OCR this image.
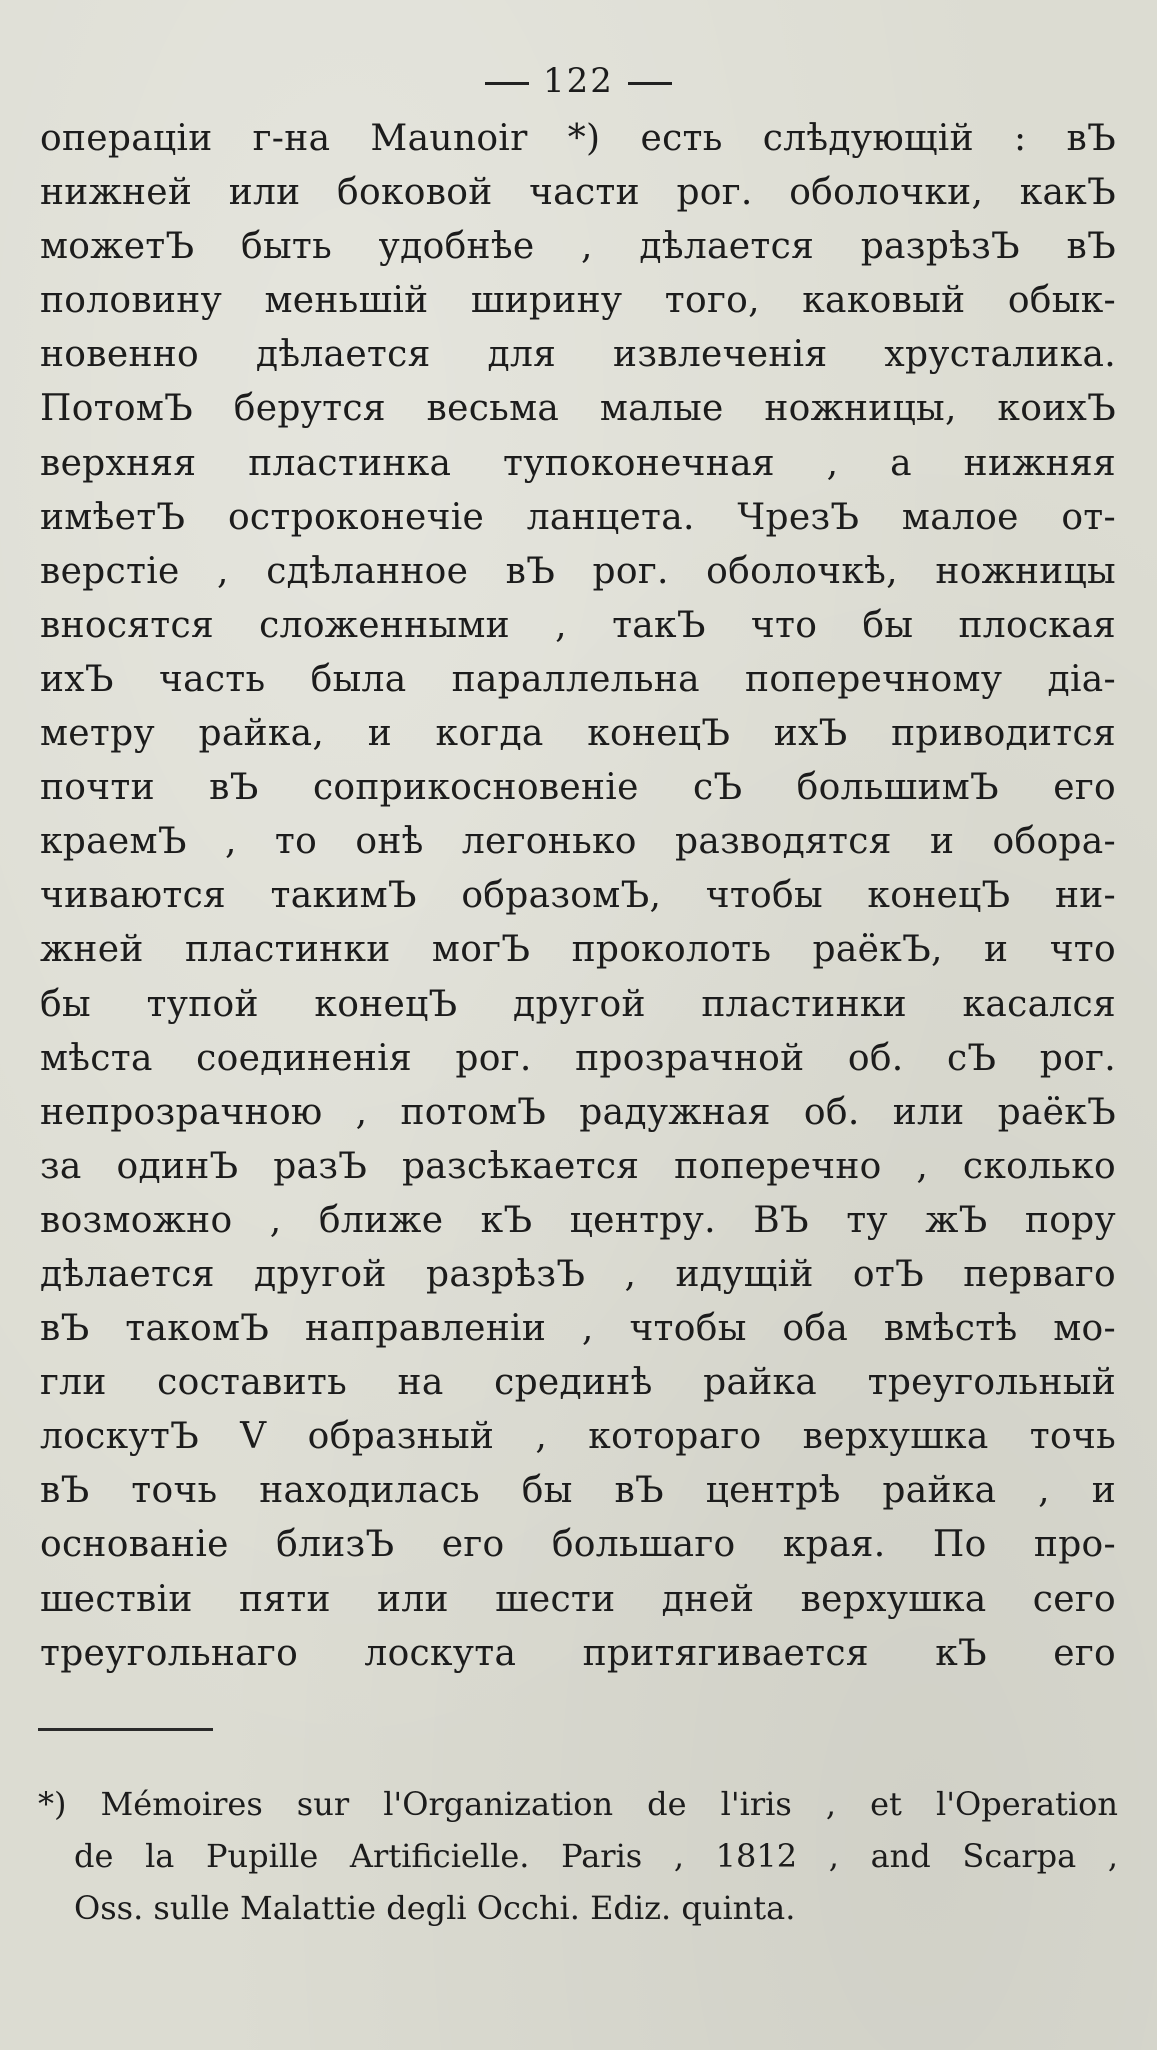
122
операціи г-на Maunoir *) есть слѣдующій : вЪ
нижней или боковой части рог. оболочки, какЪ
можетЪ быть удобнѣе , дѣлается разрѣзЪ вЪ
половину меньшій ширину того, каковый обык-
новенно дѣлается для извлеченія хрусталика.
ПотомЪ берутся весьма малые ножницы, коихЪ
верхняя пластинка тупоконечная , а нижняя
имѣетЪ остроконечіе ланцета. ЧрезЪ малое от-
верстіе , сдѣланное вЪ рог. оболочкѣ, ножницы
вносятся сложенными , такЪ что бы плоская
ихЪ часть была параллельна поперечному діа-
метру райка, и когда конецЪ ихЪ приводится
почти вЪ соприкосновеніе сЪ большимЪ его
краемЪ , то онѣ легонько разводятся и обора-
чиваются такимЪ образомЪ, чтобы конецЪ ни-
жней пластинки могЪ проколоть раёкЪ, и что
бы тупой конецЪ другой пластинки касался
мѣста соединенія рог. прозрачной об. сЪ рог.
непрозрачною , потомЪ радужная об. или раёкЪ
за одинЪ разЪ разсѣкается поперечно , сколько
возможно , ближе кЪ центру. ВЪ ту жЪ пору
дѣлается другой разрѣзЪ , идущій отЪ перваго
вЪ такомЪ направленіи , чтобы оба вмѣстѣ мо-
гли составить на срединѣ райка треугольный
лоскутЪ V образный , котораго верхушка точь
вЪ точь находилась бы вЪ центрѣ райка , и
основаніе близЪ его большаго края. По про-
шествіи пяти или шести дней верхушка сего
треугольнаго лоскута притягивается кЪ его
*) Mémoires sur l'Organization de l'iris , et l'Operation
de la Pupille Artificielle. Paris , 1812 , and Scarpa ,
Oss. sulle Malattie degli Occhi. Ediz. quinta.
